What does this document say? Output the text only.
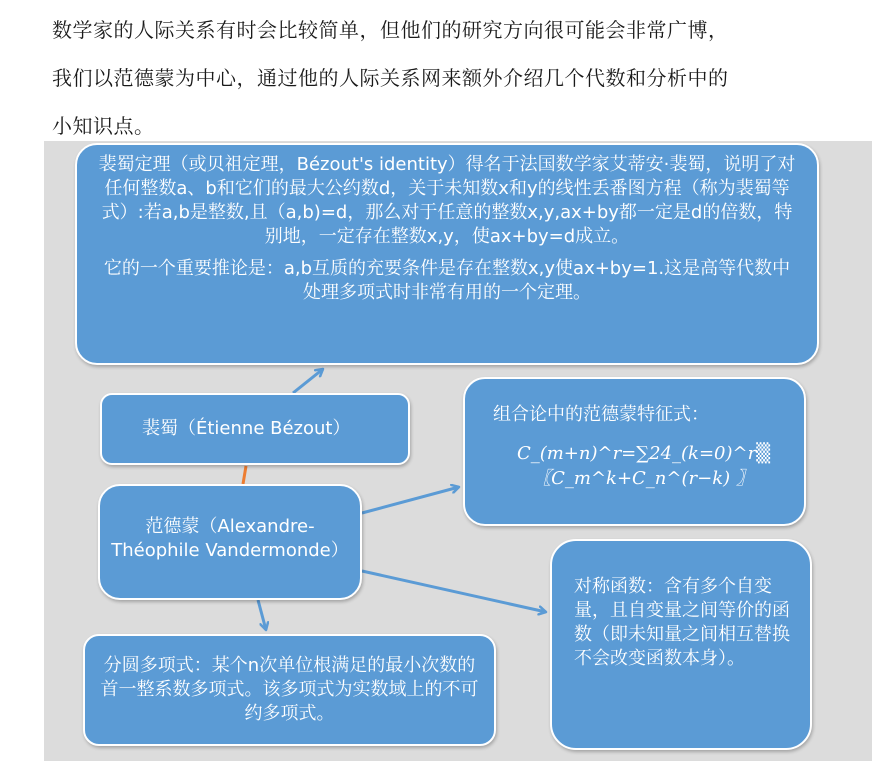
数学家的人际关系有时会比较简单，但他们的研究方向很可能会非常广博，
我们以范德蒙为中心，通过他的人际关系网来额外介绍几个代数和分析中的
小知识点。

裴蜀定理（或贝祖定理，Bézout's identity）得名于法国数学家艾蒂安·裴蜀，说明了对任何整数a、b和它们的最大公约数d，关于未知数x和y的线性丢番图方程（称为裴蜀等式）:若a,b是整数,且（a,b)=d，那么对于任意的整数x,y,ax+by都一定是d的倍数，特别地，一定存在整数x,y，使ax+by=d成立。

它的一个重要推论是：a,b互质的充要条件是存在整数x,y使ax+by=1.这是高等代数中处理多项式时非常有用的一个定理。

裴蜀（Étienne Bézout）
组合论中的范德蒙特征式：
C_(m+n)^r=∑24_(k=0)^r▒〖C_m^k+C_n^(r−k) 〗
范德蒙（Alexandre-Théophile Vandermonde）
对称函数：含有多个自变量，且自变量之间等价的函数（即未知量之间相互替换不会改变函数本身）。
分圆多项式：某个n次单位根满足的最小次数的首一整系数多项式。该多项式为实数域上的不可约多项式。
